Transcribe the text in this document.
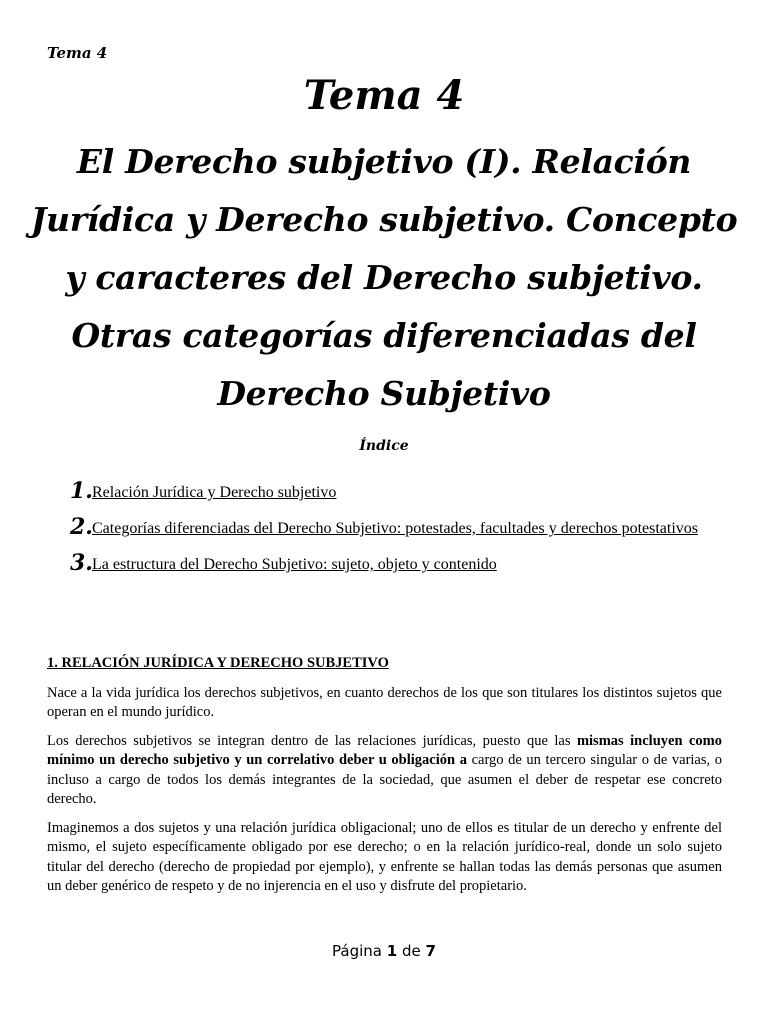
Tema 4
Tema 4
El Derecho subjetivo (I). Relación Jurídica y Derecho subjetivo. Concepto y caracteres del Derecho subjetivo. Otras categorías diferenciadas del Derecho Subjetivo
Índice
1. Relación Jurídica y Derecho subjetivo
2. Categorías diferenciadas del Derecho Subjetivo: potestades, facultades y derechos potestativos
3. La estructura del Derecho Subjetivo: sujeto, objeto y contenido

1. RELACIÓN JURÍDICA Y DERECHO SUBJETIVO

Nace a la vida jurídica los derechos subjetivos, en cuanto derechos de los que son titulares los distintos sujetos que operan en el mundo jurídico.

Los derechos subjetivos se integran dentro de las relaciones jurídicas, puesto que las mismas incluyen como mínimo un derecho subjetivo y un correlativo deber u obligación a cargo de un tercero singular o de varias, o incluso a cargo de todos los demás integrantes de la sociedad, que asumen el deber de respetar ese concreto derecho.

Imaginemos a dos sujetos y una relación jurídica obligacional; uno de ellos es titular de un derecho y enfrente del mismo, el sujeto específicamente obligado por ese derecho; o en la relación jurídico-real, donde un solo sujeto titular del derecho (derecho de propiedad por ejemplo), y enfrente se hallan todas las demás personas que asumen un deber genérico de respeto y de no injerencia en el uso y disfrute del propietario.

Página 1 de 7
